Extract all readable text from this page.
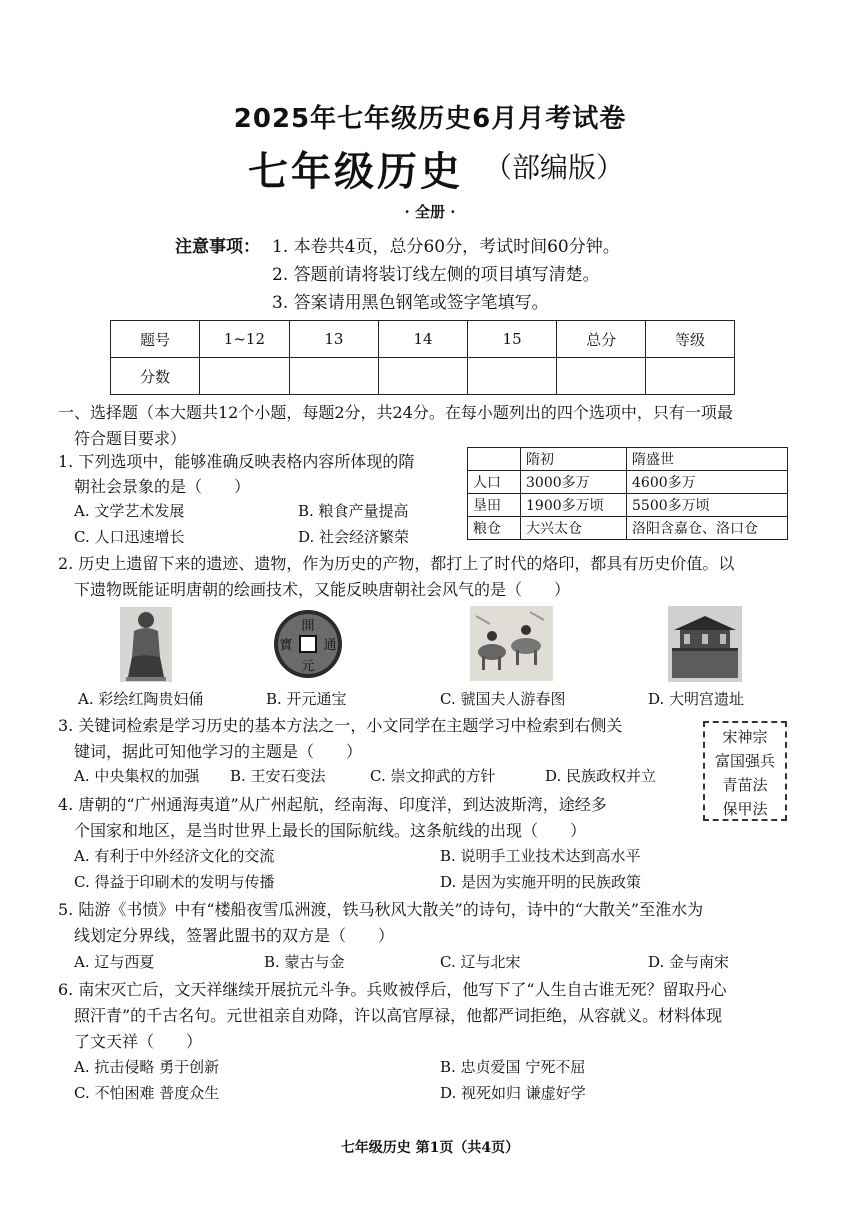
2025年七年级历史6月月考试卷
七年级历史 （部编版）
· 全册 ·
注意事项： 1. 本卷共4页，总分60分，考试时间60分钟。
2. 答题前请将装订线左侧的项目填写清楚。
3. 答案请用黑色钢笔或签字笔填写。
题号	1~12	13	14	15	总分	等级
分数						
一、选择题（本大题共12个小题，每题2分，共24分。在每小题列出的四个选项中，只有一项最
符合题目要求）
1. 下列选项中，能够准确反映表格内容所体现的隋
朝社会景象的是（　　）
A. 文学艺术发展	B. 粮食产量提高
C. 人口迅速增长	D. 社会经济繁荣
	隋初	隋盛世
人口	3000多万	4600多万
垦田	1900多万顷	5500多万顷
粮仓	大兴太仓	洛阳含嘉仓、洛口仓
2. 历史上遗留下来的遗迹、遗物，作为历史的产物，都打上了时代的烙印，都具有历史价值。以
下遗物既能证明唐朝的绘画技术，又能反映唐朝社会风气的是（　　）
開
元
通
寶
A. 彩绘红陶贵妇俑	B. 开元通宝	C. 虢国夫人游春图	D. 大明宫遗址
3. 关键词检索是学习历史的基本方法之一，小文同学在主题学习中检索到右侧关
键词，据此可知他学习的主题是（　　）
A. 中央集权的加强 B. 王安石变法	C. 崇文抑武的方针	D. 民族政权并立
宋神宗
富国强兵
青苗法
保甲法
4. 唐朝的“广州通海夷道”从广州起航，经南海、印度洋，到达波斯湾，途经多
个国家和地区，是当时世界上最长的国际航线。这条航线的出现（　　）
A. 有利于中外经济文化的交流	B. 说明手工业技术达到高水平
C. 得益于印刷术的发明与传播	D. 是因为实施开明的民族政策
5. 陆游《书愤》中有“楼船夜雪瓜洲渡，铁马秋风大散关”的诗句，诗中的“大散关”至淮水为
线划定分界线，签署此盟书的双方是（　　）
A. 辽与西夏	B. 蒙古与金	C. 辽与北宋	D. 金与南宋
6. 南宋灭亡后，文天祥继续开展抗元斗争。兵败被俘后，他写下了“人生自古谁无死？留取丹心
照汗青”的千古名句。元世祖亲自劝降，许以高官厚禄，他都严词拒绝，从容就义。材料体现
了文天祥（　　）
A. 抗击侵略 勇于创新	B. 忠贞爱国 宁死不屈
C. 不怕困难 普度众生	D. 视死如归 谦虚好学
七年级历史 第1页（共4页）
